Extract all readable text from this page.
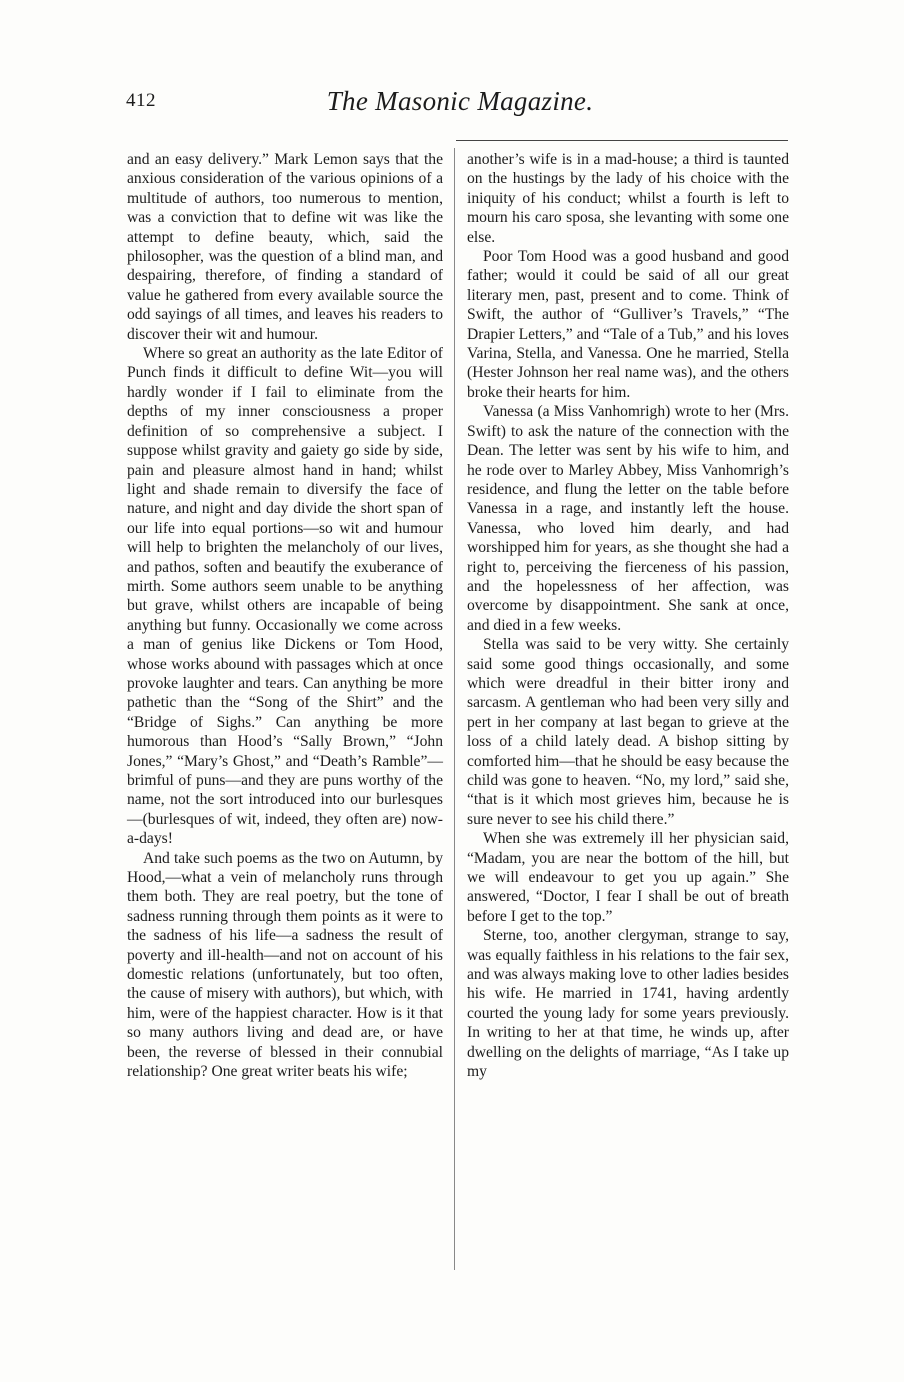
412	The Masonic Magazine.

and an easy delivery.” Mark Lemon says that the anxious consideration of the various opinions of a multitude of authors, too numerous to mention, was a conviction that to define wit was like the attempt to define beauty, which, said the philosopher, was the question of a blind man, and despairing, therefore, of finding a standard of value he gathered from every available source the odd sayings of all times, and leaves his readers to discover their wit and humour.

Where so great an authority as the late Editor of Punch finds it difficult to define Wit—you will hardly wonder if I fail to eliminate from the depths of my inner consciousness a proper definition of so comprehensive a subject. I suppose whilst gravity and gaiety go side by side, pain and pleasure almost hand in hand; whilst light and shade remain to diversify the face of nature, and night and day divide the short span of our life into equal portions—so wit and humour will help to brighten the melancholy of our lives, and pathos, soften and beautify the exuberance of mirth. Some authors seem unable to be anything but grave, whilst others are incapable of being anything but funny. Occasionally we come across a man of genius like Dickens or Tom Hood, whose works abound with passages which at once provoke laughter and tears. Can anything be more pathetic than the “Song of the Shirt” and the “Bridge of Sighs.” Can anything be more humorous than Hood’s “Sally Brown,” “John Jones,” “Mary’s Ghost,” and “Death’s Ramble”—brimful of puns—and they are puns worthy of the name, not the sort introduced into our burlesques—(burlesques of wit, indeed, they often are) now-a-days!

And take such poems as the two on Autumn, by Hood,—what a vein of melancholy runs through them both. They are real poetry, but the tone of sadness running through them points as it were to the sadness of his life—a sadness the result of poverty and ill-health—and not on account of his domestic relations (unfortunately, but too often, the cause of misery with authors), but which, with him, were of the happiest character. How is it that so many authors living and dead are, or have been, the reverse of blessed in their connubial relationship? One great writer beats his wife;

another’s wife is in a mad-house; a third is taunted on the hustings by the lady of his choice with the iniquity of his conduct; whilst a fourth is left to mourn his caro sposa, she levanting with some one else.

Poor Tom Hood was a good husband and good father; would it could be said of all our great literary men, past, present and to come. Think of Swift, the author of “Gulliver’s Travels,” “The Drapier Letters,” and “Tale of a Tub,” and his loves Varina, Stella, and Vanessa. One he married, Stella (Hester Johnson her real name was), and the others broke their hearts for him.

Vanessa (a Miss Vanhomrigh) wrote to her (Mrs. Swift) to ask the nature of the connection with the Dean. The letter was sent by his wife to him, and he rode over to Marley Abbey, Miss Vanhomrigh’s residence, and flung the letter on the table before Vanessa in a rage, and instantly left the house. Vanessa, who loved him dearly, and had worshipped him for years, as she thought she had a right to, perceiving the fierceness of his passion, and the hopelessness of her affection, was overcome by disappointment. She sank at once, and died in a few weeks.

Stella was said to be very witty. She certainly said some good things occasionally, and some which were dreadful in their bitter irony and sarcasm. A gentleman who had been very silly and pert in her company at last began to grieve at the loss of a child lately dead. A bishop sitting by comforted him—that he should be easy because the child was gone to heaven. “No, my lord,” said she, “that is it which most grieves him, because he is sure never to see his child there.”

When she was extremely ill her physician said, “Madam, you are near the bottom of the hill, but we will endeavour to get you up again.” She answered, “Doctor, I fear I shall be out of breath before I get to the top.”

Sterne, too, another clergyman, strange to say, was equally faithless in his relations to the fair sex, and was always making love to other ladies besides his wife. He married in 1741, having ardently courted the young lady for some years previously. In writing to her at that time, he winds up, after dwelling on the delights of marriage, “As I take up my
